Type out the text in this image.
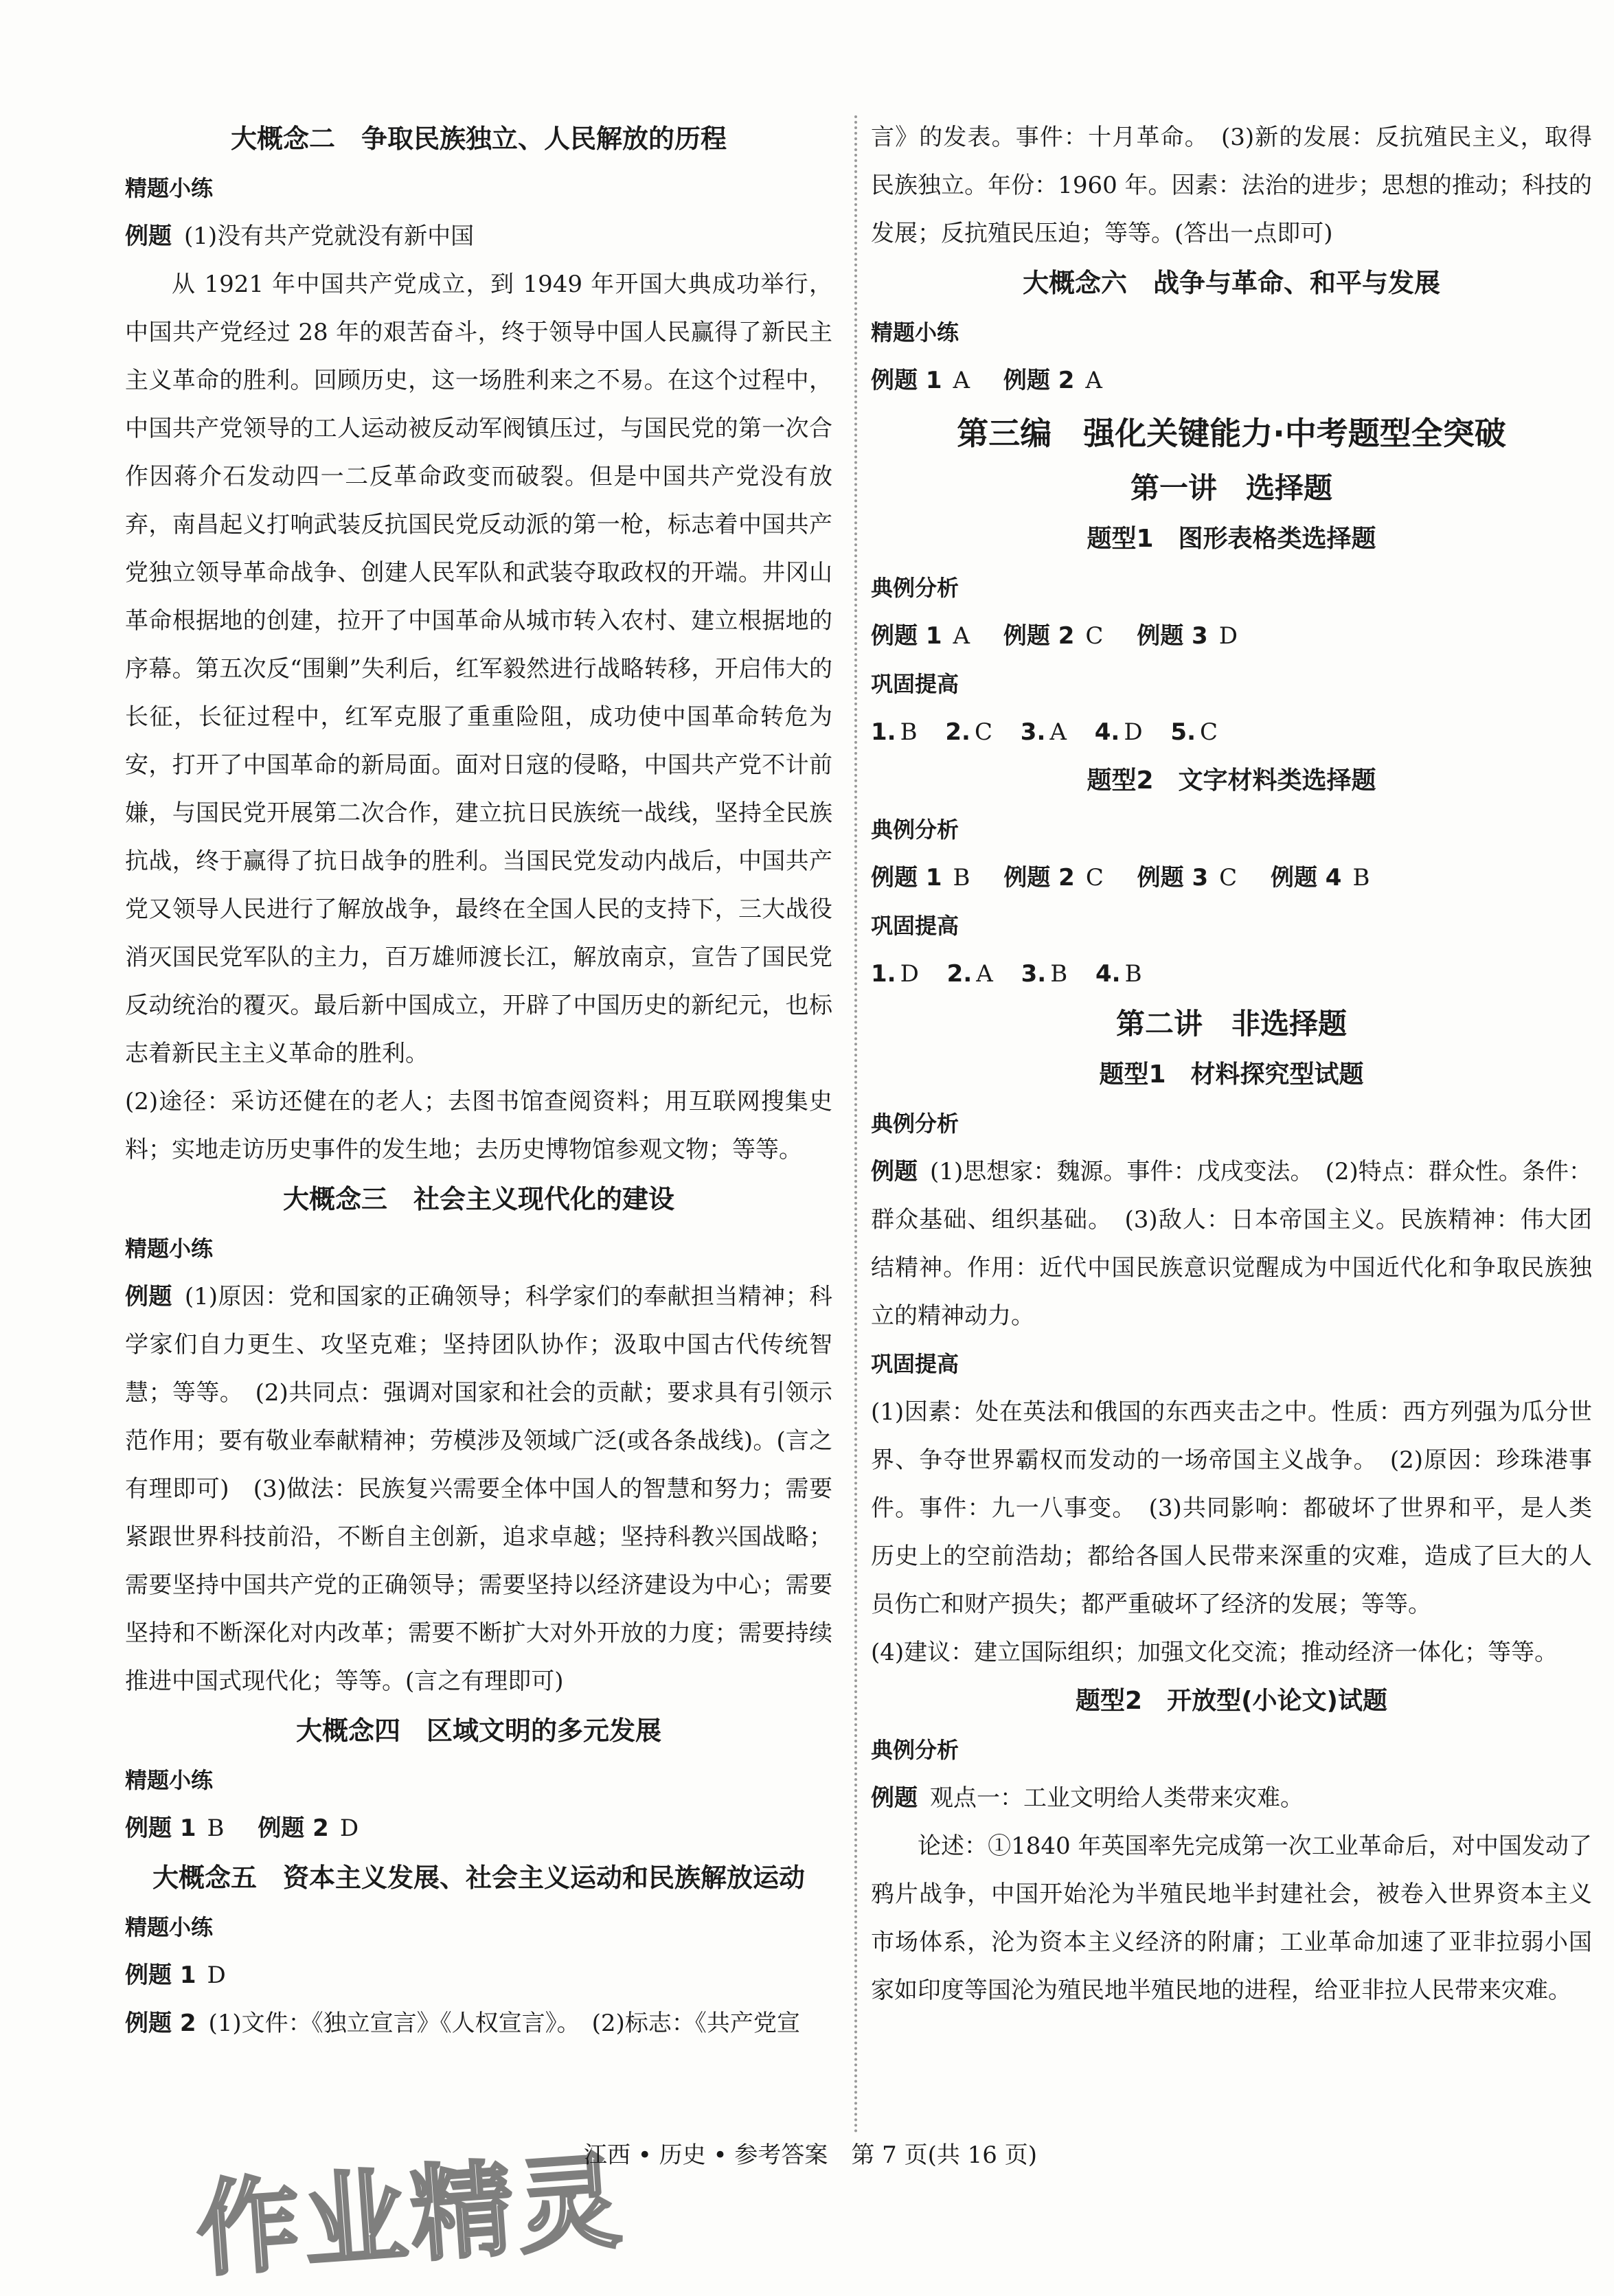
大概念二　争取民族独立、人民解放的历程
精题小练

例题 (1)没有共产党就没有新中国

从 1921 年中国共产党成立，到 1949 年开国大典成功举行，中国共产党经过 28 年的艰苦奋斗，终于领导中国人民赢得了新民主主义革命的胜利。回顾历史，这一场胜利来之不易。在这个过程中，中国共产党领导的工人运动被反动军阀镇压过，与国民党的第一次合作因蒋介石发动四一二反革命政变而破裂。但是中国共产党没有放弃，南昌起义打响武装反抗国民党反动派的第一枪，标志着中国共产党独立领导革命战争、创建人民军队和武装夺取政权的开端。井冈山革命根据地的创建，拉开了中国革命从城市转入农村、建立根据地的序幕。第五次反“围剿”失利后，红军毅然进行战略转移，开启伟大的长征，长征过程中，红军克服了重重险阻，成功使中国革命转危为安，打开了中国革命的新局面。面对日寇的侵略，中国共产党不计前嫌，与国民党开展第二次合作，建立抗日民族统一战线，坚持全民族抗战，终于赢得了抗日战争的胜利。当国民党发动内战后，中国共产党又领导人民进行了解放战争，最终在全国人民的支持下，三大战役消灭国民党军队的主力，百万雄师渡长江，解放南京，宣告了国民党反动统治的覆灭。最后新中国成立，开辟了中国历史的新纪元，也标志着新民主主义革命的胜利。

(2)途径：采访还健在的老人；去图书馆查阅资料；用互联网搜集史料；实地走访历史事件的发生地；去历史博物馆参观文物；等等。

大概念三　社会主义现代化的建设
精题小练

例题 (1)原因：党和国家的正确领导；科学家们的奉献担当精神；科学家们自力更生、攻坚克难；坚持团队协作；汲取中国古代传统智慧；等等。　(2)共同点：强调对国家和社会的贡献；要求具有引领示范作用；要有敬业奉献精神；劳模涉及领域广泛(或各条战线)。(言之有理即可)　(3)做法：民族复兴需要全体中国人的智慧和努力；需要紧跟世界科技前沿，不断自主创新，追求卓越；坚持科教兴国战略；需要坚持中国共产党的正确领导；需要坚持以经济建设为中心；需要坚持和不断深化对内改革；需要不断扩大对外开放的力度；需要持续推进中国式现代化；等等。(言之有理即可)

大概念四　区域文明的多元发展
精题小练
例题 1 B 例题 2 D
大概念五　资本主义发展、社会主义运动和民族解放运动
精题小练
例题 1 D

例题 2 (1)文件：《独立宣言》《人权宣言》。　(2)标志：《共产党宣

言》的发表。事件：十月革命。　(3)新的发展：反抗殖民主义，取得民族独立。年份：1960 年。因素：法治的进步；思想的推动；科技的发展；反抗殖民压迫；等等。(答出一点即可)

大概念六　战争与革命、和平与发展
精题小练
例题 1 A 例题 2 A
第三编　强化关键能力·中考题型全突破
第一讲　选择题
题型1　图形表格类选择题
典例分析
例题 1 A 例题 2 C 例题 3 D
巩固提高
1. B 2. C 3. A 4. D 5. C
题型2　文字材料类选择题
典例分析
例题 1 B 例题 2 C 例题 3 C 例题 4 B
巩固提高
1. D 2. A 3. B 4. B
第二讲　非选择题
题型1　材料探究型试题
典例分析

例题 (1)思想家：魏源。事件：戊戌变法。　(2)特点：群众性。条件：群众基础、组织基础。　(3)敌人：日本帝国主义。民族精神：伟大团结精神。作用：近代中国民族意识觉醒成为中国近代化和争取民族独立的精神动力。

巩固提高

(1)因素：处在英法和俄国的东西夹击之中。性质：西方列强为瓜分世界、争夺世界霸权而发动的一场帝国主义战争。　(2)原因：珍珠港事件。事件：九一八事变。　(3)共同影响：都破坏了世界和平，是人类历史上的空前浩劫；都给各国人民带来深重的灾难，造成了巨大的人员伤亡和财产损失；都严重破坏了经济的发展；等等。

(4)建议：建立国际组织；加强文化交流；推动经济一体化；等等。

题型2　开放型(小论文)试题
典例分析

例题 观点一：工业文明给人类带来灾难。

论述：①1840 年英国率先完成第一次工业革命后，对中国发动了鸦片战争，中国开始沦为半殖民地半封建社会，被卷入世界资本主义市场体系，沦为资本主义经济的附庸；工业革命加速了亚非拉弱小国家如印度等国沦为殖民地半殖民地的进程，给亚非拉人民带来灾难。

作业精灵
江西 • 历史 • 参考答案　第 7 页(共 16 页)
